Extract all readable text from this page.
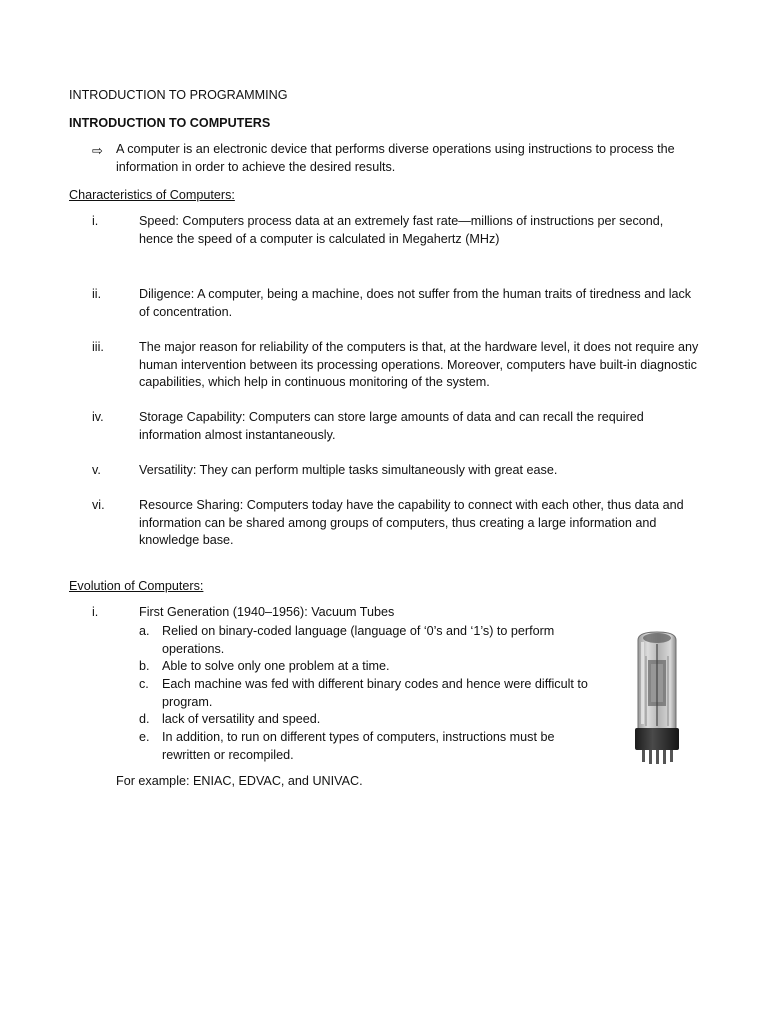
INTRODUCTION TO PROGRAMMING
INTRODUCTION TO COMPUTERS
⇨ A computer is an electronic device that performs diverse operations using instructions to process the information in order to achieve the desired results.
Characteristics of Computers:
i.	Speed: Computers process data at an extremely fast rate—millions of instructions per second, hence the speed of a computer is calculated in Megahertz (MHz)
ii.	Diligence: A computer, being a machine, does not suffer from the human traits of tiredness and lack of concentration.
iii.	The major reason for reliability of the computers is that, at the hardware level, it does not require any human intervention between its processing operations. Moreover, computers have built-in diagnostic capabilities, which help in continuous monitoring of the system.
iv.	Storage Capability: Computers can store large amounts of data and can recall the required information almost instantaneously.
v.	Versatility: They can perform multiple tasks simultaneously with great ease.
vi.	Resource Sharing: Computers today have the capability to connect with each other, thus data and information can be shared among groups of computers, thus creating a large information and knowledge base.
Evolution of Computers:
i.	First Generation (1940–1956): Vacuum Tubes
a. Relied on binary-coded language (language of ‘0’s and ‘1’s) to perform operations.
b. Able to solve only one problem at a time.
c. Each machine was fed with different binary codes and hence were difficult to program.
d. lack of versatility and speed.
e. In addition, to run on different types of computers, instructions must be rewritten or recompiled.
For example: ENIAC, EDVAC, and UNIVAC.
